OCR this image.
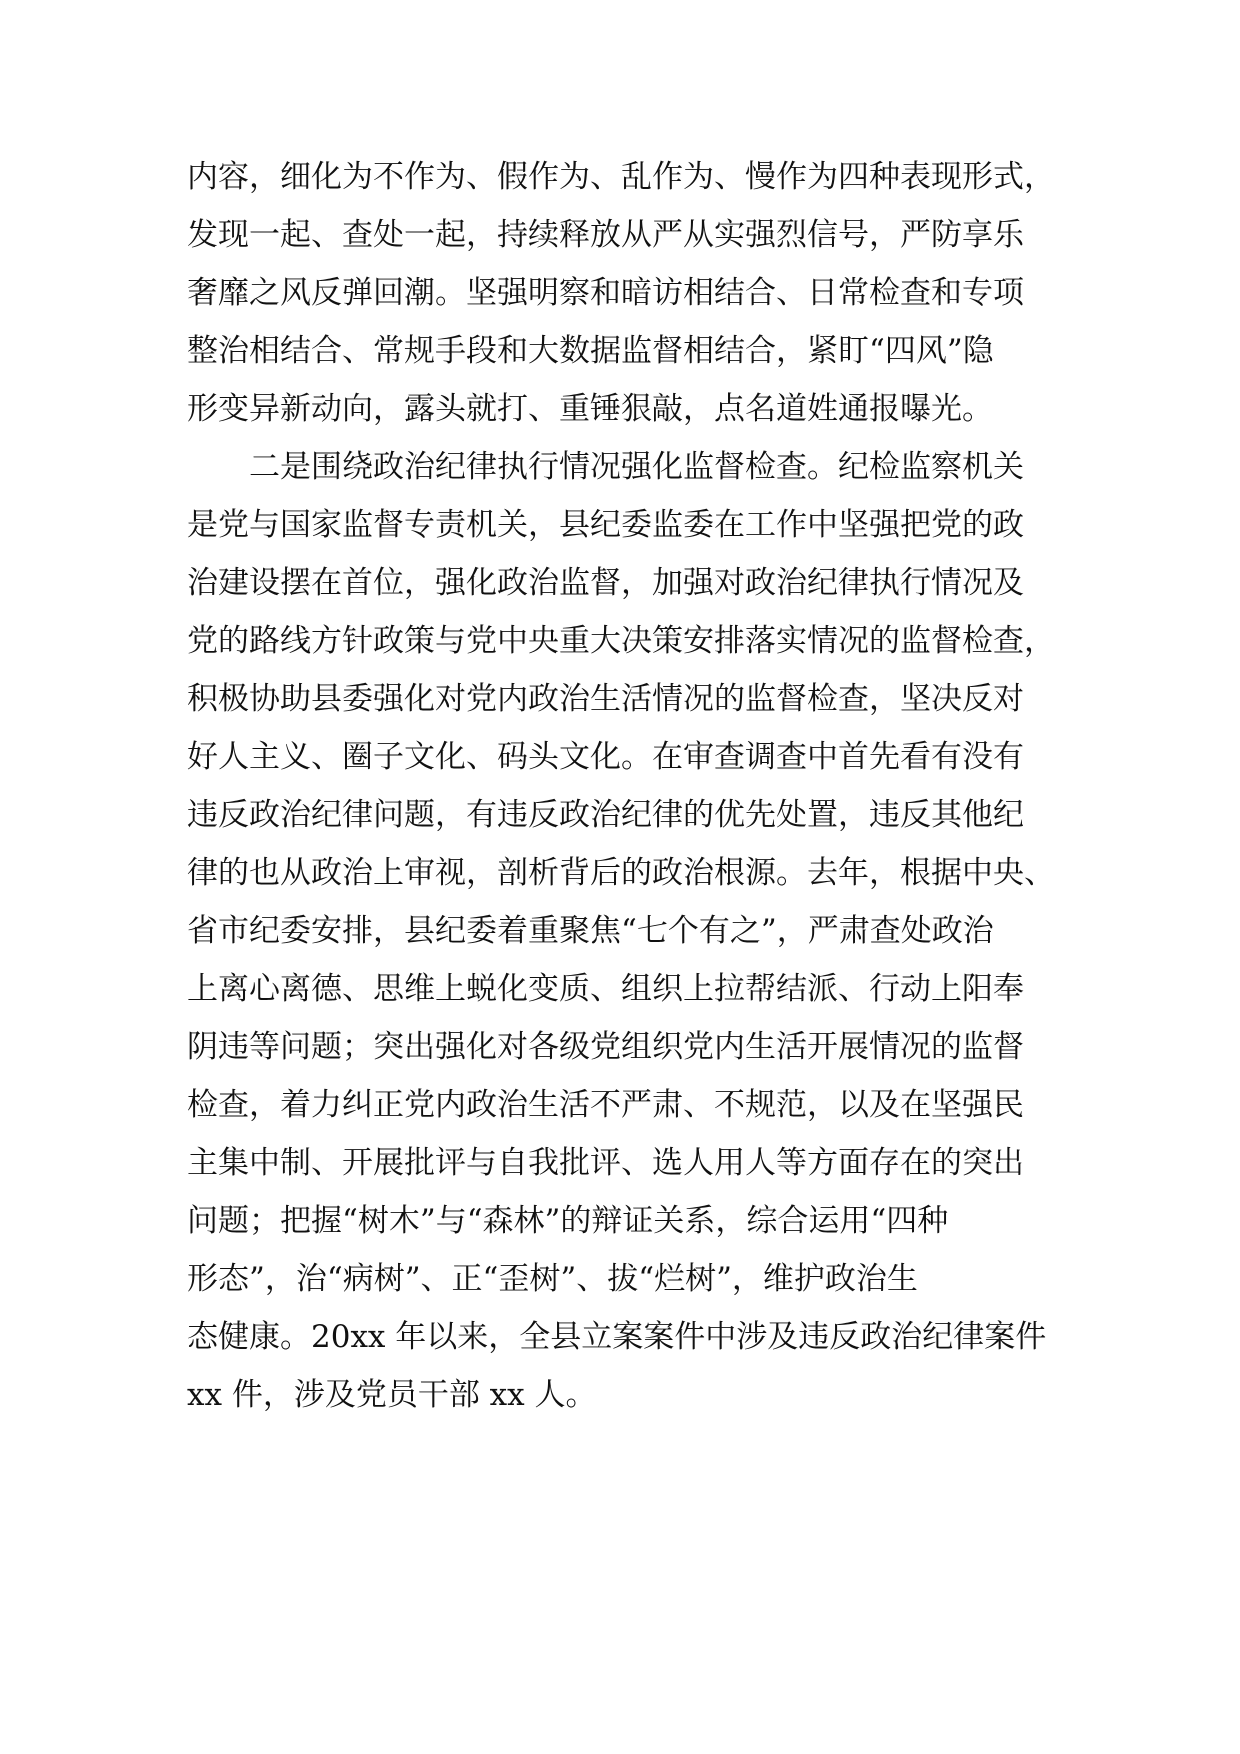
内容，细化为不作为、假作为、乱作为、慢作为四种表现形式，
发现一起、查处一起，持续释放从严从实强烈信号，严防享乐
奢靡之风反弹回潮。坚强明察和暗访相结合、日常检查和专项
整治相结合、常规手段和大数据监督相结合，紧盯“四风”隐
形变异新动向，露头就打、重锤狠敲，点名道姓通报曝光。
二是围绕政治纪律执行情况强化监督检查。纪检监察机关
是党与国家监督专责机关，县纪委监委在工作中坚强把党的政
治建设摆在首位，强化政治监督，加强对政治纪律执行情况及
党的路线方针政策与党中央重大决策安排落实情况的监督检查，
积极协助县委强化对党内政治生活情况的监督检查，坚决反对
好人主义、圈子文化、码头文化。在审查调查中首先看有没有
违反政治纪律问题，有违反政治纪律的优先处置，违反其他纪
律的也从政治上审视，剖析背后的政治根源。去年，根据中央、
省市纪委安排，县纪委着重聚焦“七个有之”，严肃查处政治
上离心离德、思维上蜕化变质、组织上拉帮结派、行动上阳奉
阴违等问题；突出强化对各级党组织党内生活开展情况的监督
检查，着力纠正党内政治生活不严肃、不规范，以及在坚强民
主集中制、开展批评与自我批评、选人用人等方面存在的突出
问题；把握“树木”与“森林”的辩证关系，综合运用“四种
形态”，治“病树”、正“歪树”、拔“烂树”，维护政治生
态健康。20xx 年以来，全县立案案件中涉及违反政治纪律案件
xx 件，涉及党员干部 xx 人。
